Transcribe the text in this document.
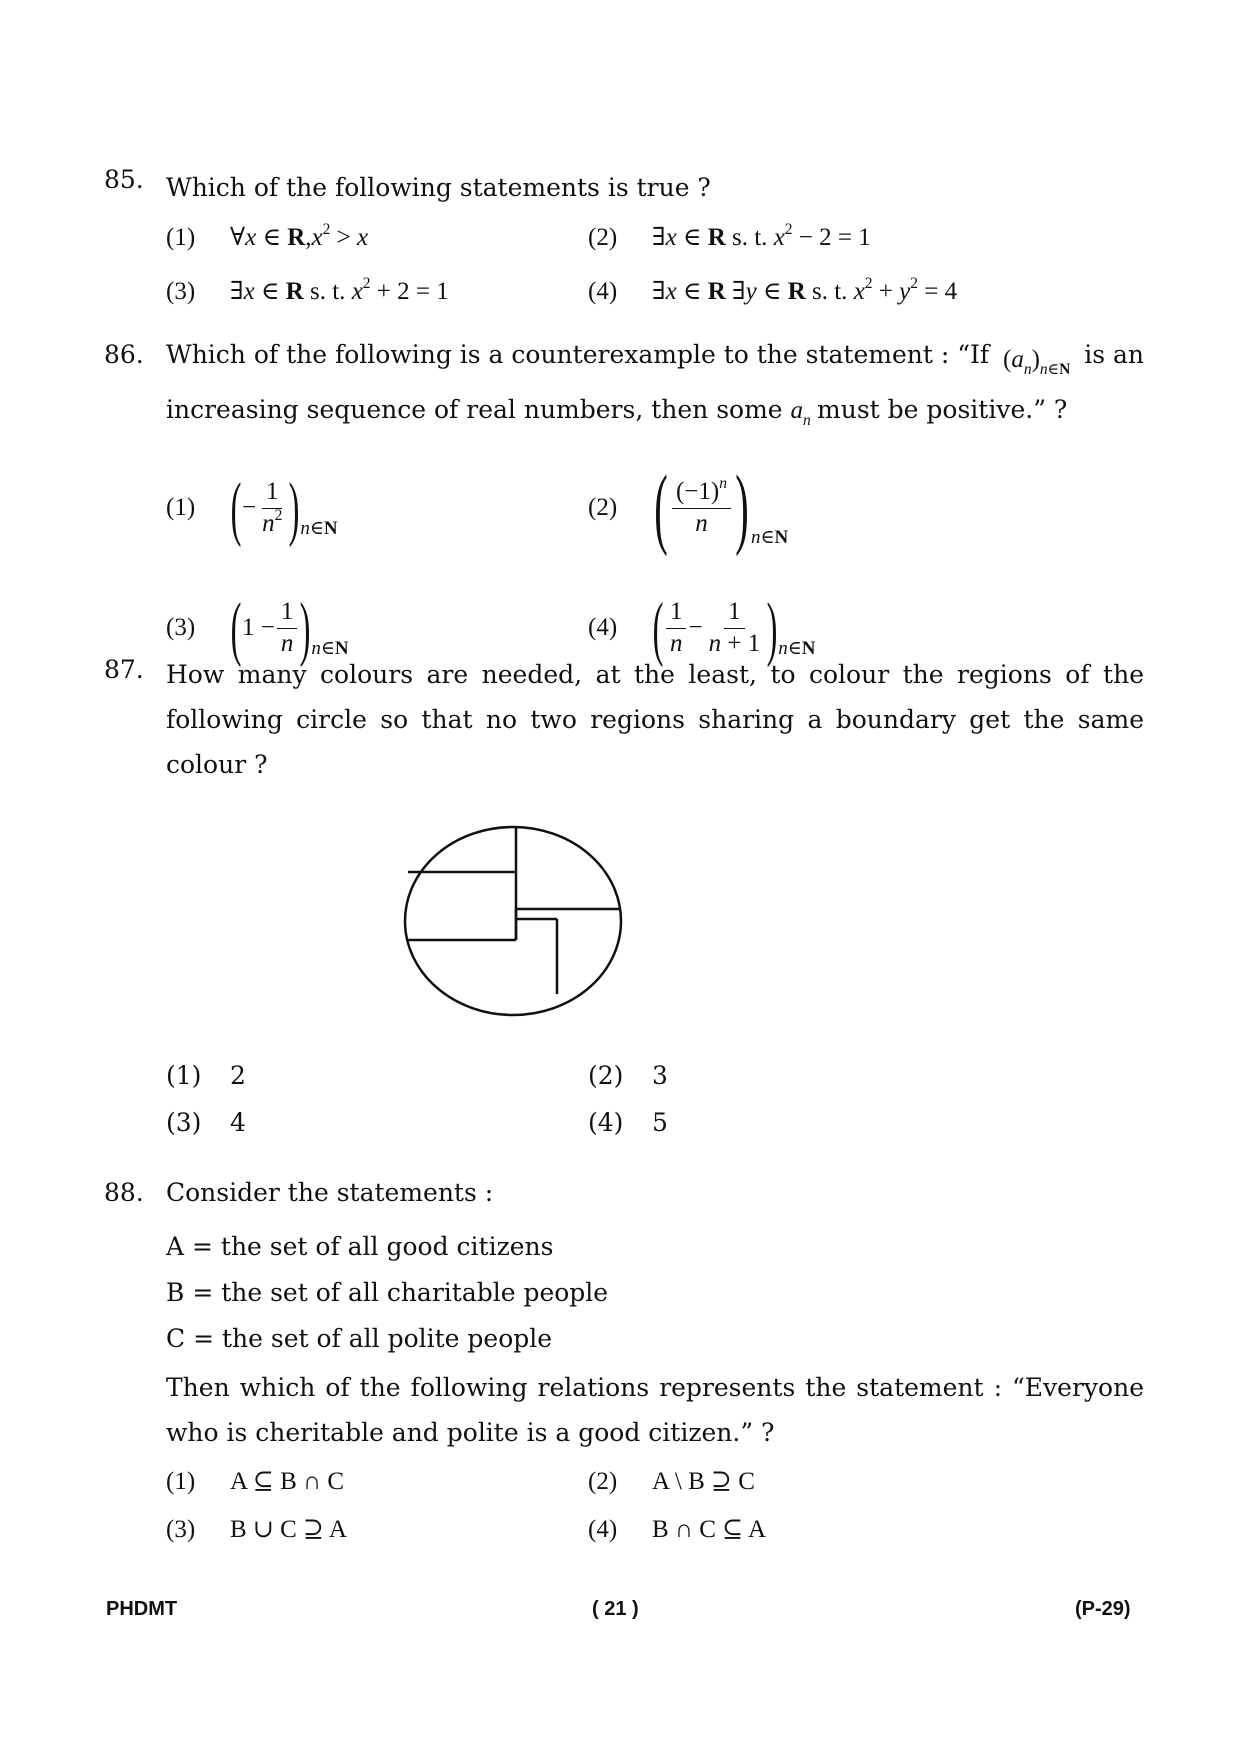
85. Which of the following statements is true ?
(1) ∀x ∈ $R,x^2 > x$	(2) ∃x ∈ R s. t. $x^2 - 2 = 1$
(3) ∃x ∈ R s. t. $x^2 + 2 = 1$	(4) ∃x ∈ R ∃y ∈ R s. t. $x^2 + y^2 = 4$
86. Which of the following is a counterexample to the statement : “If $(a_n)_{n\in N}$
is an
increasing sequence of real numbers, then some $a_n$ must be positive.” ?
(1) ( − $\frac{1}{n^2}$ ) n∈N
(2) ( $\frac{(-1)^n}{n}$ ) n∈N
(3) ( $1 - \frac{1}{n}$ ) n∈N
(4) ( $\frac{1}{n} - \frac{1}{n + 1}$ ) n∈N
87. How many colours are needed, at the least, to colour the regions of the following circle so that no two regions sharing a boundary get the same colour ?
(1) 2	(2) 3
(3) 4	(4) 5
88. Consider the statements :
A = the set of all good citizens
B = the set of all charitable people
C = the set of all polite people
Then which of the following relations represents the statement : “Everyone who is cheritable and polite is a good citizen.” ?
(1) A ⊆ B ∩ C	(2) A \ B ⊇ C
(3) B ∪ C ⊇ A	(4) B ∩ C ⊆ A
PHDMT	( 21 )	(P-29)
